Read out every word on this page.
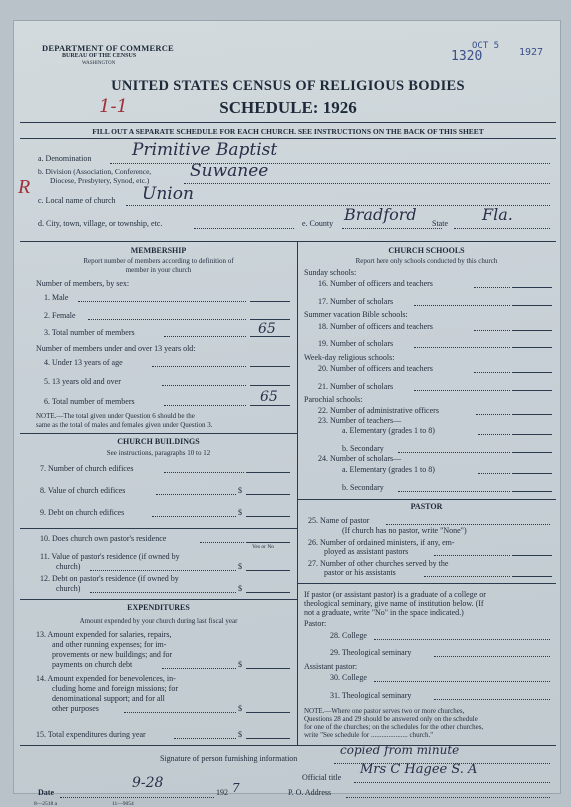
DEPARTMENT OF COMMERCE
BUREAU OF THE CENSUS
WASHINGTON
OCT 5
1320	1927
UNITED STATES CENSUS OF RELIGIOUS BODIES
SCHEDULE: 1926
1-1
FILL OUT A SEPARATE SCHEDULE FOR EACH CHURCH. SEE INSTRUCTIONS ON THE BACK OF THIS SHEET
R
a. Denomination Primitive Baptist
b. Division (Association, Conference,
Diocese, Presbytery, Synod, etc.) Suwanee
c. Local name of church Union
d. City, town, village, or township, etc.	e. County Bradford State Fla.
MEMBERSHIP
Report number of members according to definition of
member in your church
Number of members, by sex:
1. Male
2. Female
3. Total number of members	65
Number of members under and over 13 years old:
4. Under 13 years of age
5. 13 years old and over
6. Total number of members	65
NOTE.—The total given under Question 6 should be the
same as the total of males and females given under Question 3.
CHURCH BUILDINGS
See instructions, paragraphs 10 to 12
7. Number of church edifices
8. Value of church edifices	$
9. Debt on church edifices	$
10. Does church own pastor's residence
Yes or No
11. Value of pastor's residence (if owned by
church)	$
12. Debt on pastor's residence (if owned by
church)	$
EXPENDITURES
Amount expended by your church during last fiscal year
13. Amount expended for salaries, repairs,
and other running expenses; for im-
provements or new buildings; and for
payments on church debt	$
14. Amount expended for benevolences, in-
cluding home and foreign missions; for
denominational support; and for all
other purposes	$
15. Total expenditures during year	$
CHURCH SCHOOLS
Report here only schools conducted by this church
Sunday schools:
16. Number of officers and teachers
17. Number of scholars
Summer vacation Bible schools:
18. Number of officers and teachers
19. Number of scholars
Week-day religious schools:
20. Number of officers and teachers
21. Number of scholars
Parochial schools:
22. Number of administrative officers
23. Number of teachers—
a. Elementary (grades 1 to 8)
b. Secondary
24. Number of scholars—
a. Elementary (grades 1 to 8)
b. Secondary
PASTOR
25. Name of pastor
(If church has no pastor, write "None")
26. Number of ordained ministers, if any, em-
ployed as assistant pastors
27. Number of other churches served by the
pastor or his assistants
If pastor (or assistant pastor) is a graduate of a college or
theological seminary, give name of institution below. (If
not a graduate, write "No" in the space indicated.)
Pastor:
28. College
29. Theological seminary
Assistant pastor:
30. College
31. Theological seminary
NOTE.—Where one pastor serves two or more churches,
Questions 28 and 29 should be answered only on the schedule
for one of the churches; on the schedules for the other churches,
write "See schedule for ..................... church."
Signature of person furnishing information
copied from minute
Official title
Mrs C Hagee S. A
Date
9-28
192 7	P. O. Address
8—2518 a	11—9054
